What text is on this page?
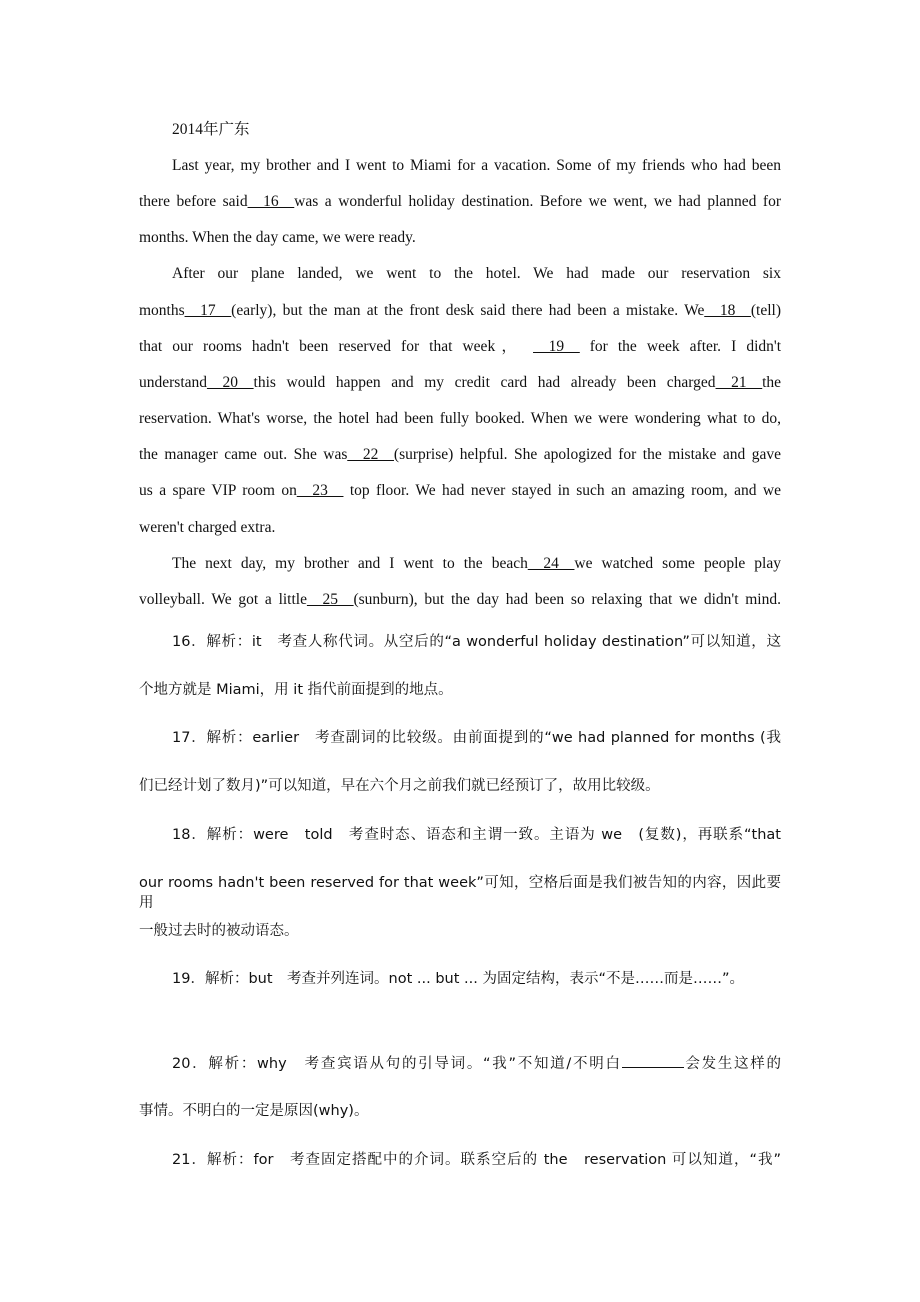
2014年广东
Last year, my brother and I went to Miami for a vacation. Some of my friends who had been
there before said__16__was a wonderful holiday destination. Before we went, we had planned for
months. When the day came, we were ready.
After our plane landed, we went to the hotel. We had made our reservation six
months__17__(early), but the man at the front desk said there had been a mistake. We__18__(tell)
that our rooms hadn't been reserved for that week， __19__ for the week after. I didn't
understand__20__this would happen and my credit card had already been charged__21__the
reservation. What's worse, the hotel had been fully booked. When we were wondering what to do,
the manager came out. She was__22__(surprise) helpful. She apologized for the mistake and gave
us a spare VIP room on__23__ top floor. We had never stayed in such an amazing room, and we
weren't charged extra.
The next day, my brother and I went to the beach__24__we watched some people play
volleyball. We got a little__25__(sunburn), but the day had been so relaxing that we didn't mind.
16．解析：it　考查人称代词。从空后的“a wonderful holiday destination”可以知道，这
个地方就是 Miami，用 it 指代前面提到的地点。
17．解析：earlier　考查副词的比较级。由前面提到的“we had planned for months (我
们已经计划了数月)”可以知道，早在六个月之前我们就已经预订了，故用比较级。
18．解析：were　told　考查时态、语态和主谓一致。主语为 we　(复数)，再联系“that
our rooms hadn't been reserved for that week”可知，空格后面是我们被告知的内容，因此要用
一般过去时的被动语态。
19．解析：but　考查并列连词。not ... but ... 为固定结构，表示“不是……而是……”。
20．解析：why　考查宾语从句的引导词。“我”不知道/不明白	会发生这样的
事情。不明白的一定是原因(why)。
21．解析：for　考查固定搭配中的介词。联系空后的 the　reservation 可以知道，“我”
